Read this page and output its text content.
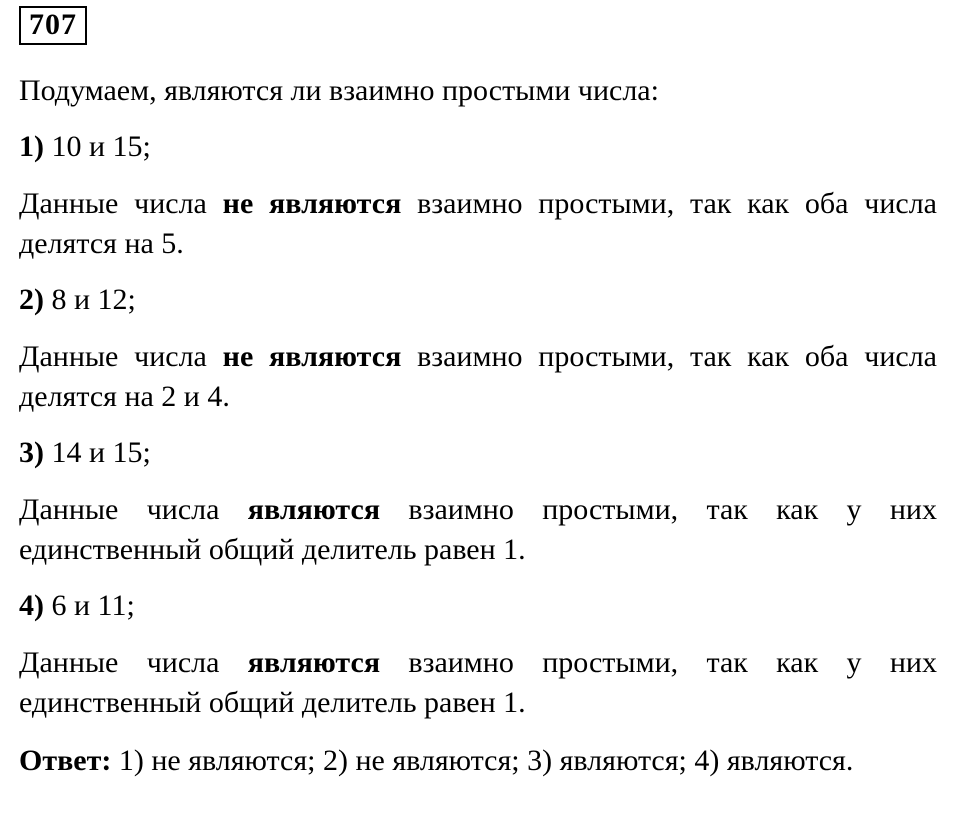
707

Подумаем, являются ли взаимно простыми числа:

1) 10 и 15;

Данные числа не являются взаимно простыми, так как оба числа делятся на 5.

2) 8 и 12;

Данные числа не являются взаимно простыми, так как оба числа делятся на 2 и 4.

3) 14 и 15;

Данные числа являются взаимно простыми, так как у них единственный общий делитель равен 1.

4) 6 и 11;

Данные числа являются взаимно простыми, так как у них единственный общий делитель равен 1.

Ответ: 1) не являются; 2) не являются; 3) являются; 4) являются.
